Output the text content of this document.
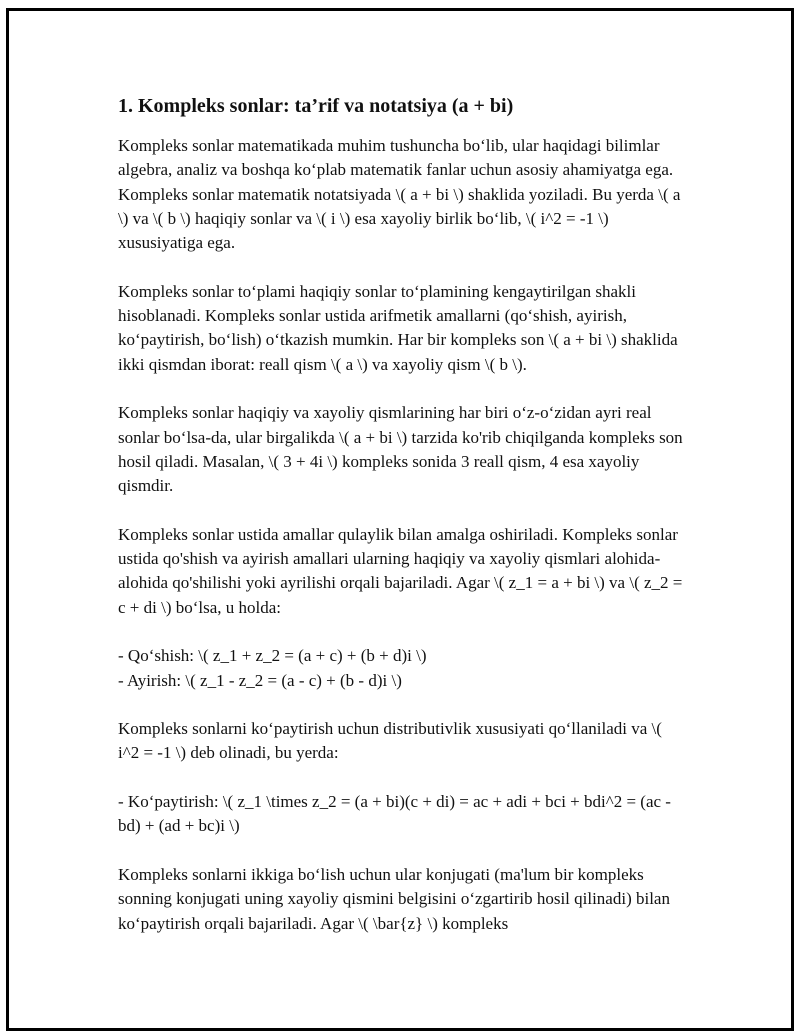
1. Kompleks sonlar: ta’rif va notatsiya (a + bi)

Kompleks sonlar matematikada muhim tushuncha bo‘lib, ular haqidagi bilimlar algebra, analiz va boshqa ko‘plab matematik fanlar uchun asosiy ahamiyatga ega. Kompleks sonlar matematik notatsiyada \( a + bi \) shaklida yoziladi. Bu yerda \( a \) va \( b \) haqiqiy sonlar va \( i \) esa xayoliy birlik bo‘lib, \( i^2 = -1 \) xususiyatiga ega.

Kompleks sonlar to‘plami haqiqiy sonlar to‘plamining kengaytirilgan shakli hisoblanadi. Kompleks sonlar ustida arifmetik amallarni (qo‘shish, ayirish, ko‘paytirish, bo‘lish) o‘tkazish mumkin. Har bir kompleks son \( a + bi \) shaklida ikki qismdan iborat: reall qism \( a \) va xayoliy qism \( b \).

Kompleks sonlar haqiqiy va xayoliy qismlarining har biri o‘z-o‘zidan ayri real sonlar bo‘lsa-da, ular birgalikda \( a + bi \) tarzida ko'rib chiqilganda kompleks son hosil qiladi. Masalan, \( 3 + 4i \) kompleks sonida 3 reall qism, 4 esa xayoliy qismdir.

Kompleks sonlar ustida amallar qulaylik bilan amalga oshiriladi. Kompleks sonlar ustida qo'shish va ayirish amallari ularning haqiqiy va xayoliy qismlari alohida-alohida qo'shilishi yoki ayrilishi orqali bajariladi. Agar \( z_1 = a + bi \) va \( z_2 = c + di \) bo‘lsa, u holda:

- Qo‘shish: \( z_1 + z_2 = (a + c) + (b + d)i \)
- Ayirish: \( z_1 - z_2 = (a - c) + (b - d)i \)

Kompleks sonlarni ko‘paytirish uchun distributivlik xususiyati qo‘llaniladi va \( i^2 = -1 \) deb olinadi, bu yerda:

- Ko‘paytirish: \( z_1 \times z_2 = (a + bi)(c + di) = ac + adi + bci + bdi^2 = (ac - bd) + (ad + bc)i \)

Kompleks sonlarni ikkiga bo‘lish uchun ular konjugati (ma'lum bir kompleks sonning konjugati uning xayoliy qismini belgisini o‘zgartirib hosil qilinadi) bilan ko‘paytirish orqali bajariladi. Agar \( \bar{z} \) kompleks
